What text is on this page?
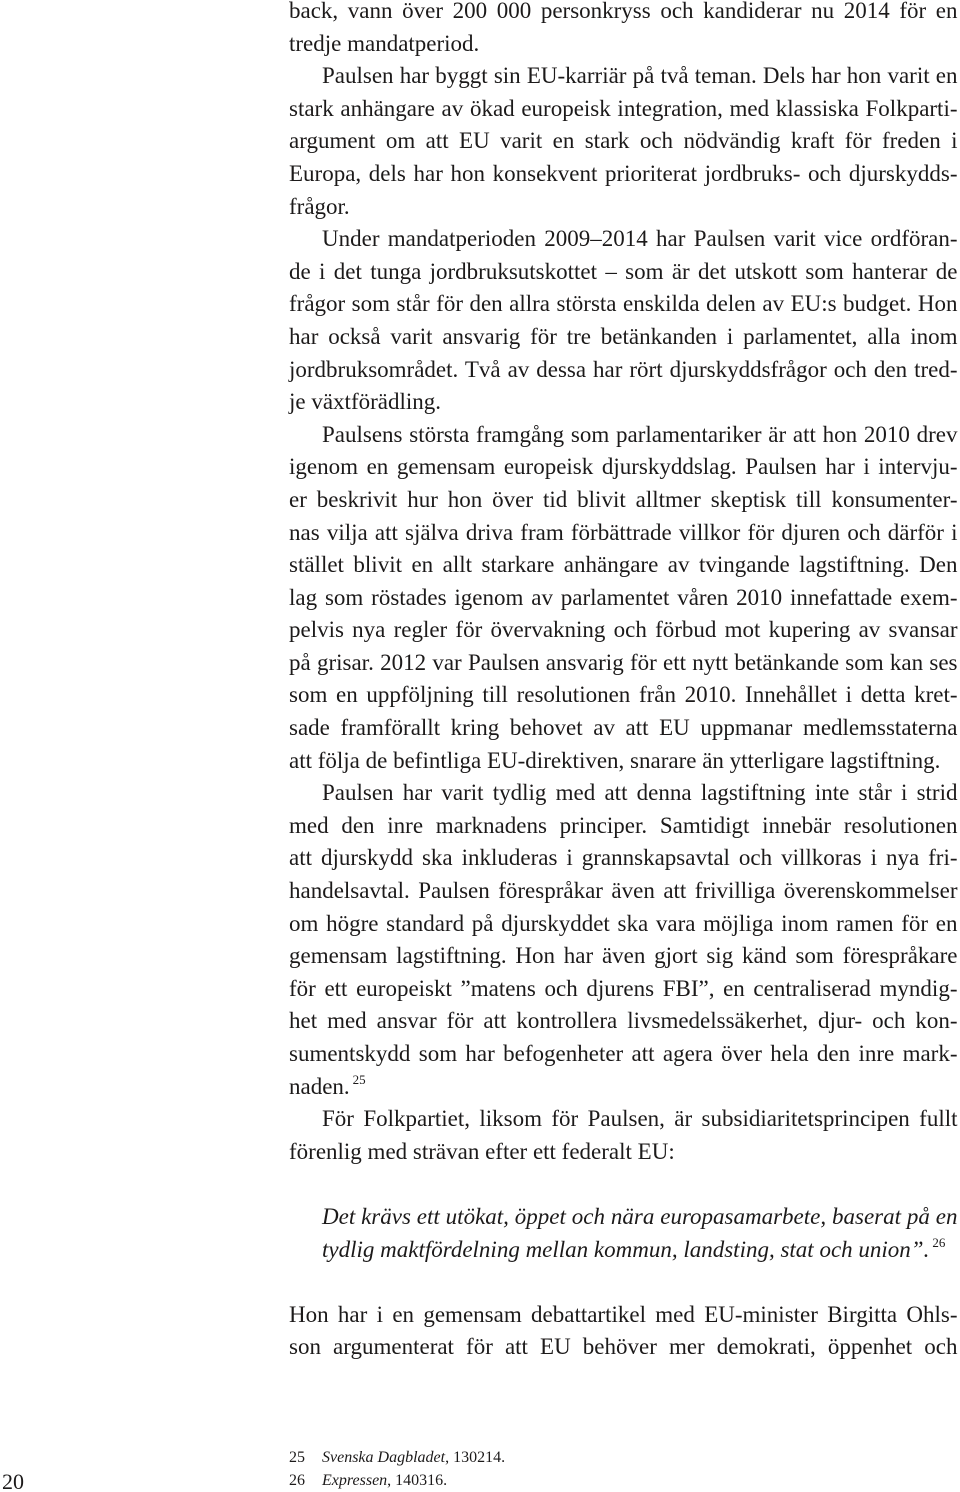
back, vann över 200 000 personkryss och kandiderar nu 2014 för en
tredje mandatperiod.
Paulsen har byggt sin EU-karriär på två teman. Dels har hon varit en
stark anhängare av ökad europeisk integration, med klassiska Folkparti-
argument om att EU varit en stark och nödvändig kraft för freden i
Europa, dels har hon konsekvent prioriterat jordbruks- och djurskydds-
frågor.
Under mandatperioden 2009–2014 har Paulsen varit vice ordföran-
de i det tunga jordbruksutskottet – som är det utskott som hanterar de
frågor som står för den allra största enskilda delen av EU:s budget. Hon
har också varit ansvarig för tre betänkanden i parlamentet, alla inom
jordbruksområdet. Två av dessa har rört djurskyddsfrågor och den tred-
je växtförädling.
Paulsens största framgång som parlamentariker är att hon 2010 drev
igenom en gemensam europeisk djurskyddslag. Paulsen har i intervju-
er beskrivit hur hon över tid blivit alltmer skeptisk till konsumenter-
nas vilja att själva driva fram förbättrade villkor för djuren och därför i
stället blivit en allt starkare anhängare av tvingande lagstiftning. Den
lag som röstades igenom av parlamentet våren 2010 innefattade exem-
pelvis nya regler för övervakning och förbud mot kupering av svansar
på grisar. 2012 var Paulsen ansvarig för ett nytt betänkande som kan ses
som en uppföljning till resolutionen från 2010. Innehållet i detta kret-
sade framförallt kring behovet av att EU uppmanar medlemsstaterna
att följa de befintliga EU-direktiven, snarare än ytterligare lagstiftning.
Paulsen har varit tydlig med att denna lagstiftning inte står i strid
med den inre marknadens principer. Samtidigt innebär resolutionen
att djurskydd ska inkluderas i grannskapsavtal och villkoras i nya fri-
handelsavtal. Paulsen förespråkar även att frivilliga överenskommelser
om högre standard på djurskyddet ska vara möjliga inom ramen för en
gemensam lagstiftning. Hon har även gjort sig känd som förespråkare
för ett europeiskt ”matens och djurens FBI”, en centraliserad myndig-
het med ansvar för att kontrollera livsmedelssäkerhet, djur- och kon-
sumentskydd som har befogenheter att agera över hela den inre mark-
naden. $^{25}$
För Folkpartiet, liksom för Paulsen, är subsidiaritetsprincipen fullt
förenlig med strävan efter ett federalt EU:
Det krävs ett utökat, öppet och nära europasamarbete, baserat på en
tydlig maktfördelning mellan kommun, landsting, stat och union”. $^{26}$
Hon har i en gemensam debattartikel med EU-minister Birgitta Ohls-
son argumenterat för att EU behöver mer demokrati, öppenhet och
25	Svenska Dagbladet , 130214.
26	Expressen , 140316.
20
